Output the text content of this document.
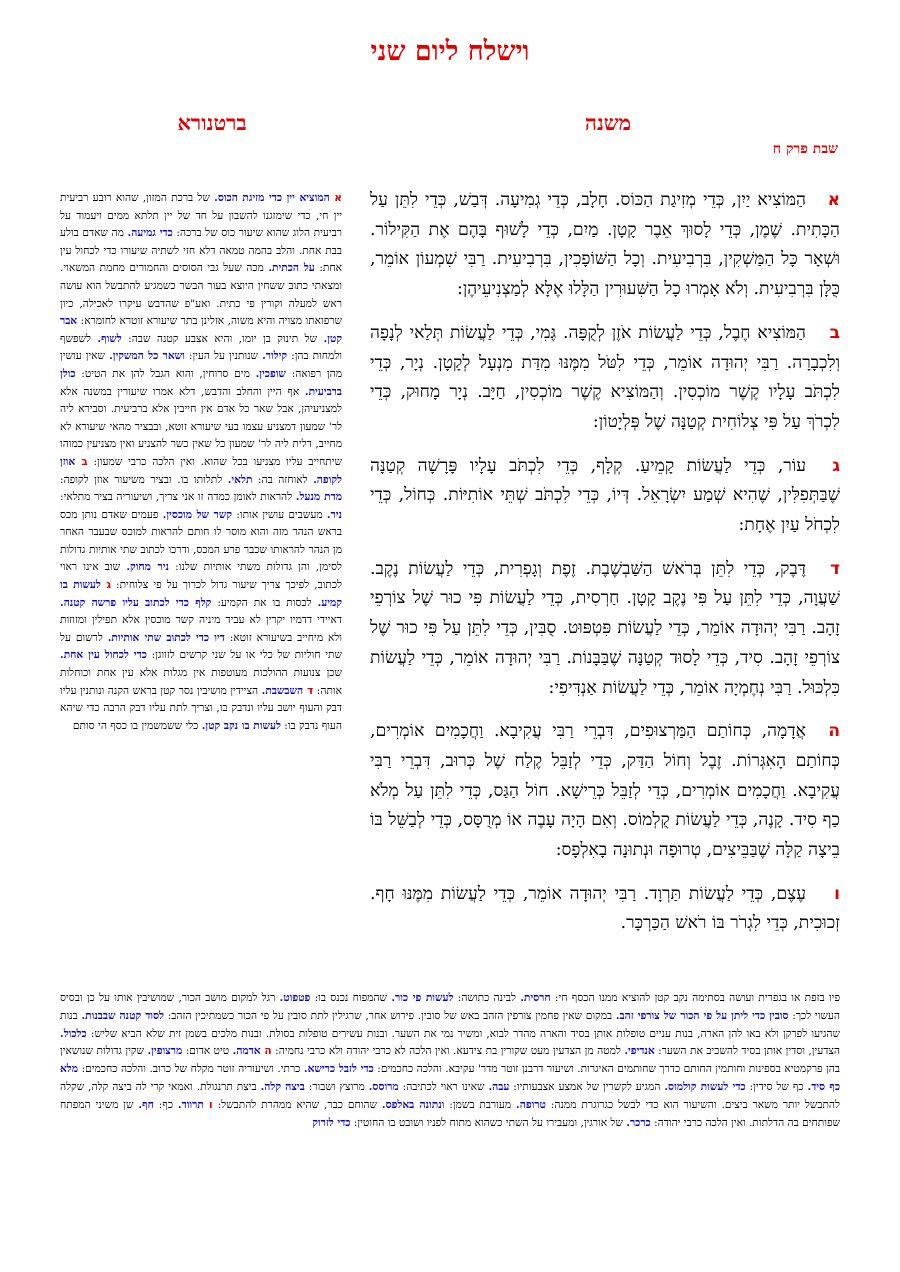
וישלח ליום שני
משנה
ברטנורא
שבת פרק ח

אהַמּוֹצִיא יַיִן, כְּדֵי מְזִיגַת הַכּוֹס. חָלָב, כְּדֵי גְמִיעָה. דְּבַשׁ, כְּדֵי לִתֵּן עַל הַכָּתִית. שֶׁמֶן, כְּדֵי לָסוּךְ אֵבֶר קָטָן. מַיִם, כְּדֵי לָשׁוּף בָּהֶם אֶת הַקִּילוֹר. וּשְׁאָר כָּל הַמַּשְׁקִין, בִּרְבִיעִית. וְכָל הַשּׁוֹפָכִין, בִּרְבִיעִית. רַבִּי שִׁמְעוֹן אוֹמֵר, כֻּלָּן בִּרְבִיעִית. וְלֹא אָמְרוּ כָל הַשִּׁעוּרִין הַלָּלוּ אֶלָּא לְמַצְנִיעֵיהֶן:

בהַמּוֹצִיא חֶבֶל, כְּדֵי לַעֲשׂוֹת אֹזֶן לְקֻפָּה. גֶּמִי, כְּדֵי לַעֲשׂוֹת תְּלַאי לְנָפָה וְלִכְבָרָה. רַבִּי יְהוּדָה אוֹמֵר, כְּדֵי לִטֹּל מִמֶּנּוּ מִדַּת מִנְעָל לְקָטָן. נְיָר, כְּדֵי לִכְתֹּב עָלָיו קֶשֶׁר מוֹכְסִין. וְהַמּוֹצִיא קֶשֶׁר מוֹכְסִין, חַיָּב. נְיָר מָחוּק, כְּדֵי לִכְרֹךְ עַל פִּי צְלוֹחִית קְטַנָּה שֶׁל פְּלְיָטוֹן:

געוֹר, כְּדֵי לַעֲשׂוֹת קָמֵיעַ. קְלָף, כְּדֵי לִכְתֹּב עָלָיו פָּרָשָׁה קְטַנָּה שֶׁבַּתְּפִלִּין, שֶׁהִיא שְׁמַע יִשְׂרָאֵל. דְּיוֹ, כְּדֵי לִכְתֹּב שְׁתֵּי אוֹתִיּוֹת. כְּחוֹל, כְּדֵי לִכְחֹל עַיִן אֶחָת:

דדֶּבֶק, כְּדֵי לִתֵּן בְּרֹאשׁ הַשַּׁבְשֶׁבֶת. זֶפֶת וְגָפְרִית, כְּדֵי לַעֲשׂוֹת נֶקֶב. שַׁעֲוָה, כְּדֵי לִתֵּן עַל פִּי נֶקֶב קָטָן. חַרְסִית, כְּדֵי לַעֲשׂוֹת פִּי כוּר שֶׁל צוֹרְפֵי זָהָב. רַבִּי יְהוּדָה אוֹמֵר, כְּדֵי לַעֲשׂוֹת פִּטְפּוּט. סֻבִּין, כְּדֵי לִתֵּן עַל פִּי כוּר שֶׁל צוֹרְפֵי זָהָב. סִיד, כְּדֵי לָסוּד קְטַנָּה שֶׁבַּבָּנוֹת. רַבִּי יְהוּדָה אוֹמֵר, כְּדֵי לַעֲשׂוֹת כִּלְכּוּל. רַבִּי נְחֶמְיָה אוֹמֵר, כְּדֵי לַעֲשׂוֹת אַנְדִּיפִי:

האֲדָמָה, כְּחוֹתַם הַמַּרְצוּפִים, דִּבְרֵי רַבִּי עֲקִיבָא. וַחֲכָמִים אוֹמְרִים, כְּחוֹתַם הָאִגְּרוֹת. זֶבֶל וְחוֹל הַדַּק, כְּדֵי לְזַבֵּל קֶלַח שֶׁל כְּרוּב, דִּבְרֵי רַבִּי עֲקִיבָא. וַחֲכָמִים אוֹמְרִים, כְּדֵי לְזַבֵּל כְּרֵישָׁא. חוֹל הַגַּס, כְּדֵי לִתֵּן עַל מְלֹא כַף סִיד. קָנֶה, כְּדֵי לַעֲשׂוֹת קֻלְמוֹס. וְאִם הָיָה עָבֶה אוֹ מְרֻסָּס, כְּדֵי לְבַשֵּׁל בּוֹ בֵיצָה קַלָּה שֶׁבַּבֵּיצִים, טְרוּפָה וּנְתוּנָה בָאִלְפָס:

ועֶצֶם, כְּדֵי לַעֲשׂוֹת תַּרְוָד. רַבִּי יְהוּדָה אוֹמֵר, כְּדֵי לַעֲשׂוֹת מִמֶּנּוּ חָף. זְכוּכִית, כְּדֵי לִגְרֹר בּוֹ רֹאשׁ הַכַּרְכָּר.

א המוציא יין כדי מזיגת הכוס. של ברכת המזון, שהוא רובע רביעית יין חי, כדי שימזגנו להשבון על חד של יין תלתא ממים ויעמוד על רביעית הלוג שהוא שיעור כוס של ברכה: כדי גמיעה. מה שאדם בולע בבת אחת. והלב בהמה טמאה דלא חזי לשתיה שיעורו כדי לכחול עין אחת: על הכתית. מכה שעל גבי הסוסים והחמורים מחמת המשאוי. ומצאתי כתוב ששחין היוצא בעור הבשר כשמגיע להתבשל הוא עושה ראש למעלה וקורין פי כתית. ואע"פ שהדבש עיקרו לאכילה, כיון שרפואתו מצויה והיא משוה, אזלינן בתר שיעורא זוטרא לחומרא: אבר קטן. של תינוק בן יומו, והיא אצבע קטנה שבה: לשוף. לשפשף ולמחות בהן: קילור. שנותנין על העין: ושאר כל המשקין. שאין עושין מהן רפואה: שופכין. מים סרוחין, והוא הגבל להן את הטיט: כולן ברביעית. אף היין והחלב והדבש, דלא אמרו שיעורין במשנה אלא למצניעיהן, אבל שאר כל אדם אין חייבין אלא ברביעית. וסבירא ליה לר' שמעון דמצניע עצמו בעי שיעורא זוטא, ובבציר מהאי שיעורא לא מחייב, דלית ליה לר' שמעון כל שאין כשר להצניע ואין מצניעין כמוהו שיתחייב עליו מצניעו בכל שהוא. ואין הלכה כרבי שמעון: ב אוזן לקופה. לאוחזה בה: תלאי. לתלותו בו. ובציר משיעור אוזן לקופה: מדת מנעל. להראות לאומן כמדה זו אני צריך, ושיעוריה בציר מתלאי: ניר. מעשבים עושין אותו: קשר של מוכסין. פעמים שאדם נותן מכס בראש הנהר מזה והוא מוסר לו חותם להראות למוכס שבעבר האחר מן הנהר להראותו שכבר פרע המכס, ודרכו לכתוב שתי אותיות גדולות לסימן, והן גדולות משתי אותיות שלנו: ניר מחוק. שוב אינו ראוי לכתוב, לפיכך צריך שיעור גדול לכרוך על פי צלוחית: ג לעשות בו קמיע. לכסות בו את הקמיע: קלף כדי לכתוב עליו פרשה קטנה. דאיידי דדמיו יקרין לא עביד מיניה קשר מוכסין אלא תפילין ומזוזות ולא מיחייב בשיעורא זוטא: דיו כדי לכתוב שתי אותיות. לרשום על שתי חוליות של כלי או על שני קרשים לזווגן: כדי לכחול עין אחת. שכן צנועות ההולכות מעוטפות אין מגלות אלא עין אחת וכוחלות אותה: ד השבשבת. הציידין מושיבין נסר קטן בראש הקנה ונותנין עליו דבק והעוף יושב עליו ונדבק בו, וצריך לתת עליו דבק הרבה כדי שיהא העוף נדבק בו: לעשות בו נקב קטן. כלי ששמשמין בו כסף הי סותם

פיו בזפת או בגפרית ועושה בסתימה נקב קטן להוציא ממנו הכסף חי: חרסית. לבינה כתושה: לעשות פי כור. שהמפוח נכנס בו: פטפוט. רגל למקום מושב הכור, שמושיבין אותו על כן ובסיס העשוי לכך: סובין כדי ליתן על פי הכור של צורפי זהב. במקום שאין פחמין צורפין הזהב באש של סובין. פירוש אחר, שרגילין לתת סובין על פי הכור כשמתיכין הזהב: לסוד קטנה שבבנות. בנות שהגיעו לפרקן ולא באו להן הארה, בנות עניים טופלות אותן בסיד והארה מהדר לבוא, ומשיר נמי את השער. ובנות עשירים טופלות בסולת. ובנות מלכים בשמן זית שלא הביא שליש: כלכול. הצדעין, וסדין אותן בסיד להשכיב את השער: אנדיפי. למטה מן הצדעין מעט שקורין בת צידעא. ואין הלכה לא כרבי יהודה ולא כרבי נחמיה: ה אדמה. טיט אדום: מרצופין. שקין גדולות שנושאין בהן פרקמטיא בספינות וחותמין החותם כדרך שחותמים האיגרות. ושיעור דרבנן זוטר מדר' עקיבא. והלכה כחכמים: כדי לזבל כרישא. כרתי. ושיעוריה זוטר מקלח של כרוב. והלכה כחכמים: מלא כף סיד. כף של סידין: כדי לעשות קולמוס. המגיע לקשרין של אמצע אצבעותיו: עבה. שאינו ראוי לכתיבה: מרוסס. מרוצץ ושבור: ביצה קלה. ביצת תרנגולת. ואמאי קרי לה ביצה קלה, שקלה להתבשל יותר משאר ביצים. והשיעור הוא כדי לבשל כגרוגרת ממנה: טרופה. מעורבת בשמן: ונתונה באלפס. שהוחם כבר, שהיא ממהרת להתבשל: ו תרווד. כף: חף. שן משיני המפתח שפותחים בה הדלתות. ואין הלכה כרבי יהודה: כרכר. של אורגין, ומעבירו על השתי כשהוא מתוח לפניו ושובט בו החוטין: כדי לזרוק
